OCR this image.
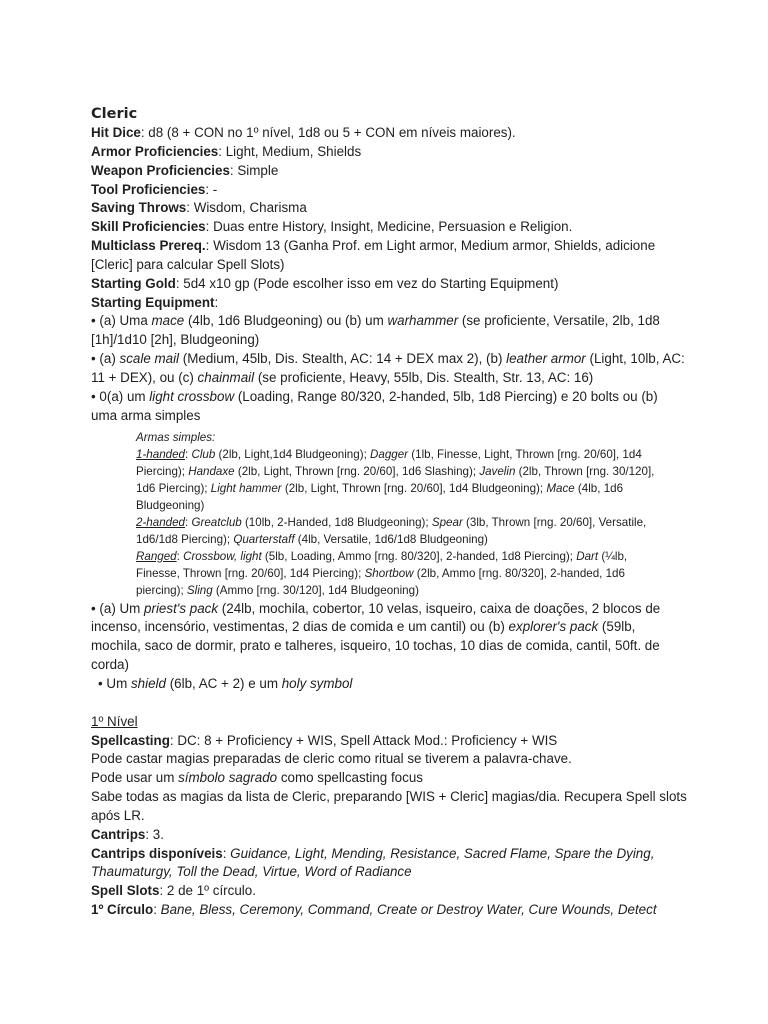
Cleric

Hit Dice: d8 (8 + CON no 1º nível, 1d8 ou 5 + CON em níveis maiores).

Armor Proficiencies: Light, Medium, Shields

Weapon Proficiencies: Simple

Tool Proficiencies: -

Saving Throws: Wisdom, Charisma

Skill Proficiencies: Duas entre History, Insight, Medicine, Persuasion e Religion.

Multiclass Prereq.: Wisdom 13 (Ganha Prof. em Light armor, Medium armor, Shields, adicione [Cleric] para calcular Spell Slots)

Starting Gold: 5d4 x10 gp (Pode escolher isso em vez do Starting Equipment)

Starting Equipment:

• (a) Uma mace (4lb, 1d6 Bludgeoning) ou (b) um warhammer (se proficiente, Versatile, 2lb, 1d8 [1h]/1d10 [2h], Bludgeoning)

• (a) scale mail (Medium, 45lb, Dis. Stealth, AC: 14 + DEX max 2), (b) leather armor (Light, 10lb, AC: 11 + DEX), ou (c) chainmail (se proficiente, Heavy, 55lb, Dis. Stealth, Str. 13, AC: 16)

• 0(a) um light crossbow (Loading, Range 80/320, 2-handed, 5lb, 1d8 Piercing) e 20 bolts ou (b) uma arma simples

Armas simples:

1-handed: Club (2lb, Light,1d4 Bludgeoning); Dagger (1lb, Finesse, Light, Thrown [rng. 20/60], 1d4 Piercing); Handaxe (2lb, Light, Thrown [rng. 20/60], 1d6 Slashing); Javelin (2lb, Thrown [rng. 30/120], 1d6 Piercing); Light hammer (2lb, Light, Thrown [rng. 20/60], 1d4 Bludgeoning); Mace (4lb, 1d6 Bludgeoning)

2-handed: Greatclub (10lb, 2-Handed, 1d8 Bludgeoning); Spear (3lb, Thrown [rng. 20/60], Versatile, 1d6/1d8 Piercing); Quarterstaff (4lb, Versatile, 1d6/1d8 Bludgeoning)

Ranged: Crossbow, light (5lb, Loading, Ammo [rng. 80/320], 2-handed, 1d8 Piercing); Dart (¼lb, Finesse, Thrown [rng. 20/60], 1d4 Piercing); Shortbow (2lb, Ammo [rng. 80/320], 2-handed, 1d6 piercing); Sling (Ammo [rng. 30/120], 1d4 Bludgeoning)

• (a) Um priest's pack (24lb, mochila, cobertor, 10 velas, isqueiro, caixa de doações, 2 blocos de incenso, incensório, vestimentas, 2 dias de comida e um cantil) ou (b) explorer's pack (59lb, mochila, saco de dormir, prato e talheres, isqueiro, 10 tochas, 10 dias de comida, cantil, 50ft. de corda)

• Um shield (6lb, AC + 2) e um holy symbol

1º Nível

Spellcasting: DC: 8 + Proficiency + WIS, Spell Attack Mod.: Proficiency + WIS

Pode castar magias preparadas de cleric como ritual se tiverem a palavra-chave.

Pode usar um símbolo sagrado como spellcasting focus

Sabe todas as magias da lista de Cleric, preparando [WIS + Cleric] magias/dia. Recupera Spell slots após LR.

Cantrips: 3.

Cantrips disponíveis: Guidance, Light, Mending, Resistance, Sacred Flame, Spare the Dying, Thaumaturgy, Toll the Dead, Virtue, Word of Radiance

Spell Slots: 2 de 1º círculo.

1º Círculo: Bane, Bless, Ceremony, Command, Create or Destroy Water, Cure Wounds, Detect
